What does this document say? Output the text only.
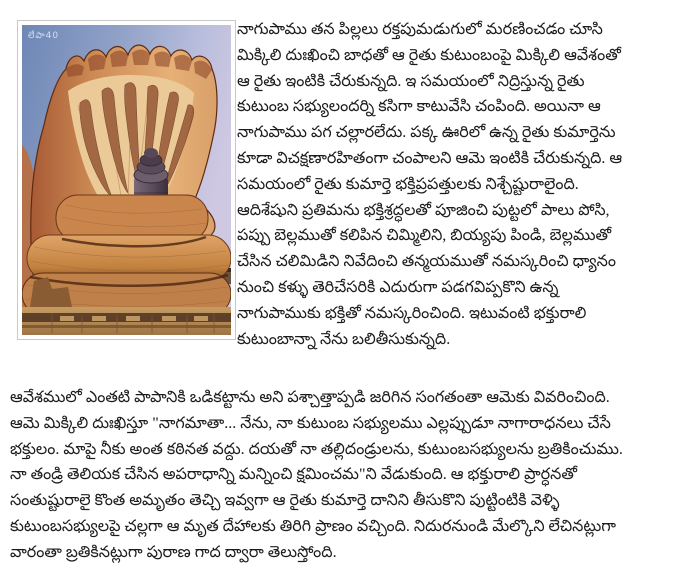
లేపా40	నాగుపాము తన పిల్లలు రక్తపుమడుగులో మరణించడం చూసి
మిక్కిలి దుఃఖించి బాధతో ఆ రైతు కుటుంబంపై మిక్కిలి ఆవేశంతో
ఆ రైతు ఇంటికి చేరుకున్నది. ఇ సమయంలో నిద్రిస్తున్న రైతు
కుటుంబ సభ్యులందర్ని కసిగా కాటువేసి చంపింది. అయినా ఆ
నాగుపాము పగ చల్లారలేదు. పక్క ఊరిలో ఉన్న రైతు కుమార్తెను
కూడా విచక్షణారహితంగా చంపాలని ఆమె ఇంటికి చేరుకున్నది. ఆ
సమయంలో రైతు కుమార్తె భక్తిప్రపత్తులకు నిశ్చేష్టురాలైంది.
ఆదిశేషుని ప్రతిమను భక్తిశ్రద్ధలతో పూజించి పుట్టలో పాలు పోసి,
పప్పు బెల్లముతో కలిపిన చిమ్మిలిని, బియ్యపు పిండి, బెల్లముతో
చేసిన చలిమిడిని నివేదించి తన్మయముతో నమస్కరించి ధ్యానం
నుంచి కళ్ళు తెరిచేసరికి ఎదురుగా పడగవిప్పకొని ఉన్న
నాగుపాముకు భక్తితో నమస్కరించింది. ఇటువంటి భక్తురాలి
కుటుంబాన్నా నేను బలితీసుకున్నది.
ఆవేశములో ఎంతటి పాపానికి ఒడికట్టాను అని పశ్చాత్తాప్పడి జరిగిన సంగతంతా ఆమెకు వివరించింది.
ఆమె మిక్కిలి దుఃఖిస్తూ "నాగమాతా... నేను, నా కుటుంబ సభ్యులము ఎల్లప్పుడూ నాగారాధనలు చేసే
భక్తులం. మాపై నీకు అంత కఠినత వద్దు. దయతో నా తల్లిదండ్రులను, కుటుంబసభ్యులను బ్రతికించుము.
నా తండ్రి తెలియక చేసిన అపరాధాన్ని మన్నించి క్షమించమ"ని వేడుకుంది. ఆ భక్తురాలి ప్రార్ధనతో
సంతుష్టురాలై కొంత అమృతం తెచ్చి ఇవ్వగా ఆ రైతు కుమార్తె దానిని తీసుకొని పుట్టింటికి వెళ్ళి
కుటుంబసభ్యులపై చల్లగా ఆ మృత దేహాలకు తిరిగి ప్రాణం వచ్చింది. నిదురనుండి మేల్కొని లేచినట్లుగా
వారంతా బ్రతికినట్లుగా పురాణ గాద ద్వారా తెలుస్తోంది.
